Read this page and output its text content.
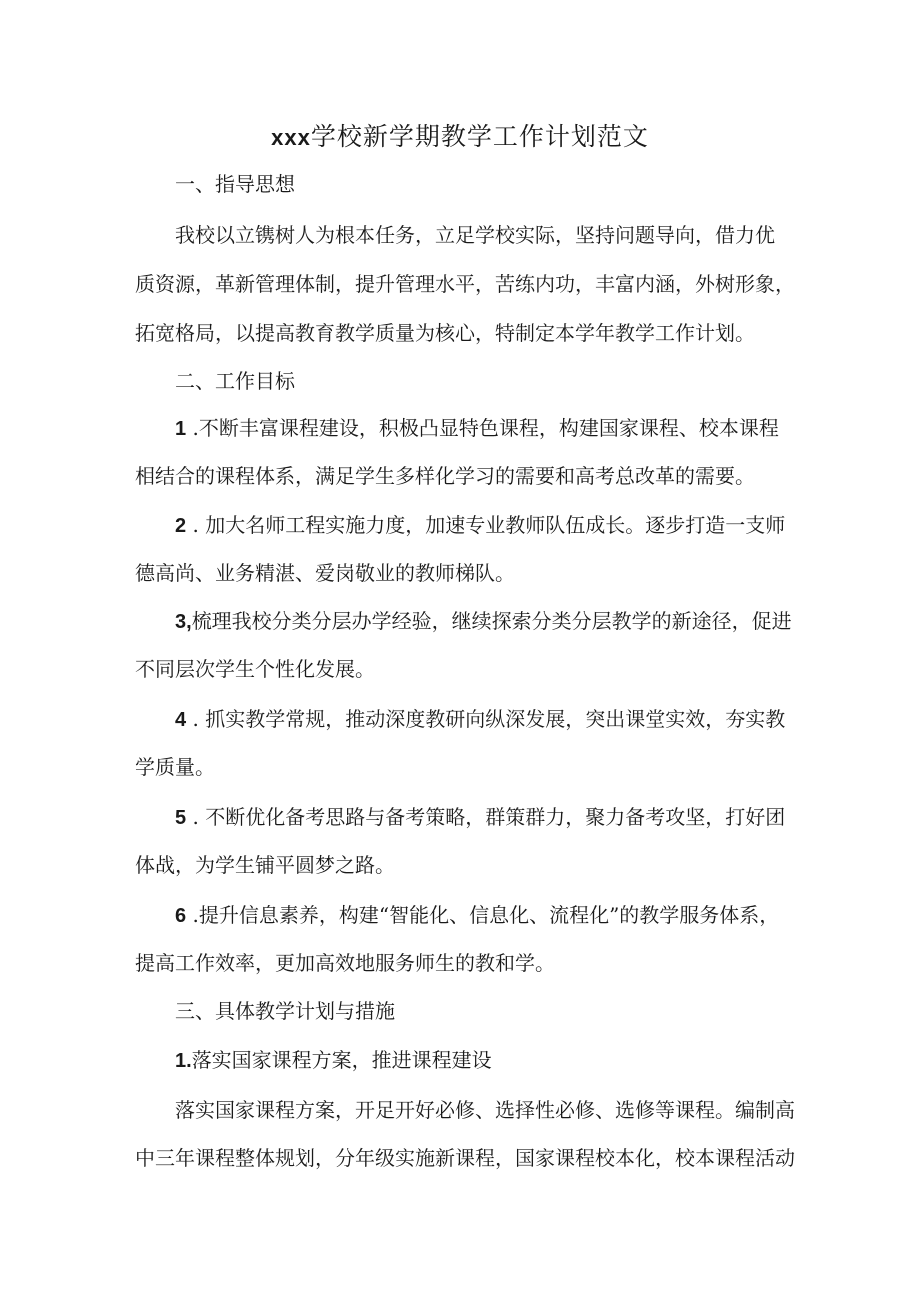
xxx学校新学期教学工作计划范文
一、指导思想
我校以立镌树人为根本任务，立足学校实际，坚持问题导向，借力优
质资源，革新管理体制，提升管理水平，苦练内功，丰富内涵，外树形象，
拓宽格局，以提高教育教学质量为核心，特制定本学年教学工作计划。
二、工作目标
1 .不断丰富课程建设，积极凸显特色课程，构建国家课程、校本课程
相结合的课程体系，满足学生多样化学习的需要和高考总改革的需要。
2 . 加大名师工程实施力度，加速专业教师队伍成长。逐步打造一支师
德高尚、业务精湛、爱岗敬业的教师梯队。
3,梳理我校分类分层办学经验，继续探索分类分层教学的新途径，促进
不同层次学生个性化发展。
4 . 抓实教学常规，推动深度教研向纵深发展，突出课堂实效，夯实教
学质量。
5 . 不断优化备考思路与备考策略，群策群力，聚力备考攻坚，打好团
体战，为学生铺平圆梦之路。
6 .提升信息素养，构建“智能化、信息化、流程化”的教学服务体系，
提高工作效率，更加高效地服务师生的教和学。
三、具体教学计划与措施
1.落实国家课程方案，推进课程建设
落实国家课程方案，开足开好必修、选择性必修、选修等课程。编制高
中三年课程整体规划，分年级实施新课程，国家课程校本化，校本课程活动
